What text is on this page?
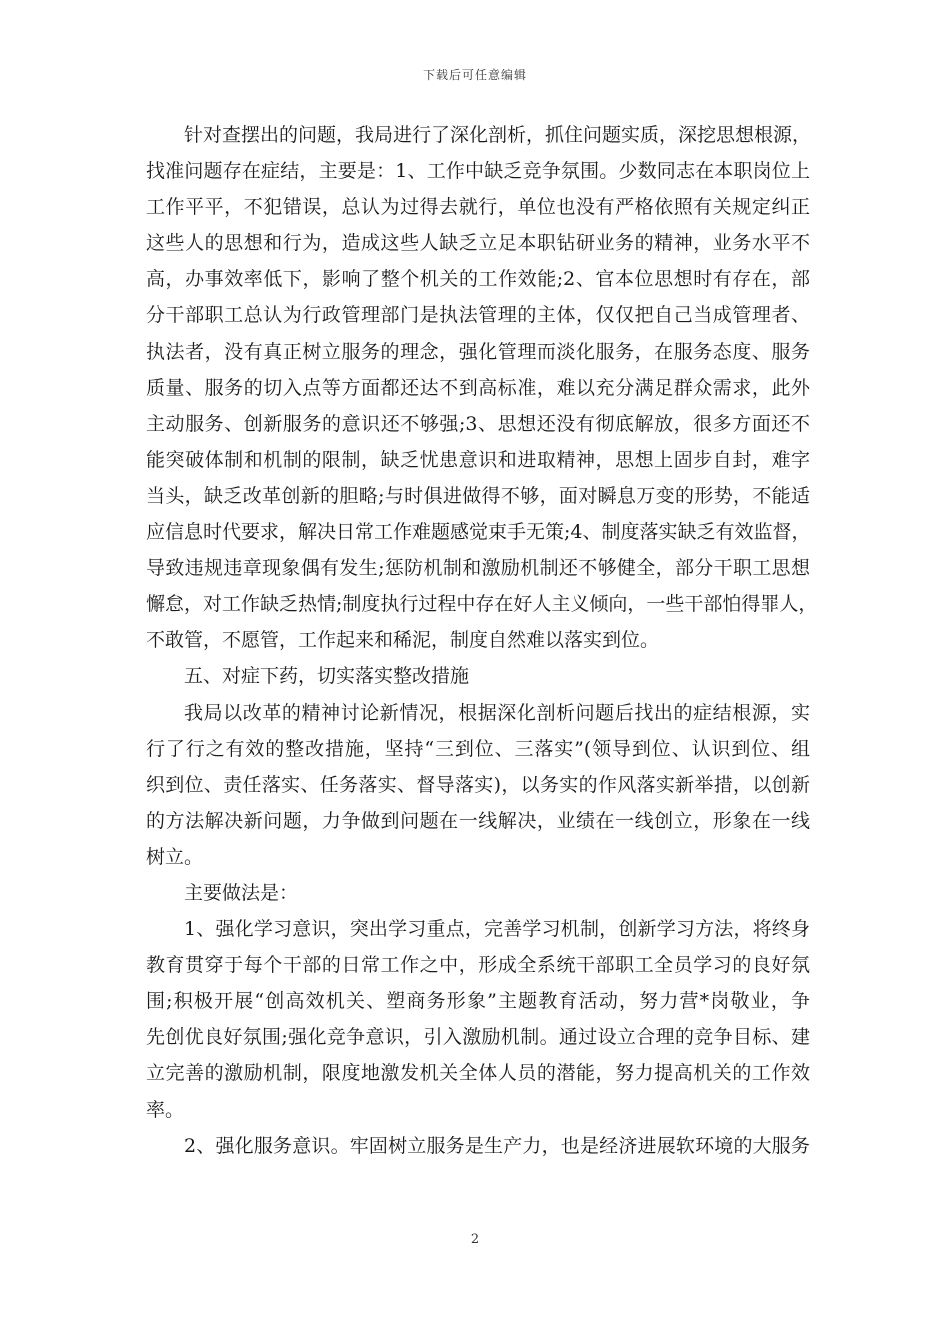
下载后可任意编辑
针对查摆出的问题，我局进行了深化剖析，抓住问题实质，深挖思想根源，
找准问题存在症结，主要是：1、工作中缺乏竞争氛围。少数同志在本职岗位上
工作平平，不犯错误，总认为过得去就行，单位也没有严格依照有关规定纠正
这些人的思想和行为，造成这些人缺乏立足本职钻研业务的精神，业务水平不
高，办事效率低下，影响了整个机关的工作效能;2、官本位思想时有存在，部
分干部职工总认为行政管理部门是执法管理的主体，仅仅把自己当成管理者、
执法者，没有真正树立服务的理念，强化管理而淡化服务，在服务态度、服务
质量、服务的切入点等方面都还达不到高标准，难以充分满足群众需求，此外
主动服务、创新服务的意识还不够强;3、思想还没有彻底解放，很多方面还不
能突破体制和机制的限制，缺乏忧患意识和进取精神，思想上固步自封，难字
当头，缺乏改革创新的胆略;与时俱进做得不够，面对瞬息万变的形势，不能适
应信息时代要求，解决日常工作难题感觉束手无策;4、制度落实缺乏有效监督，
导致违规违章现象偶有发生;惩防机制和激励机制还不够健全，部分干职工思想
懈怠，对工作缺乏热情;制度执行过程中存在好人主义倾向，一些干部怕得罪人，
不敢管，不愿管，工作起来和稀泥，制度自然难以落实到位。
五、对症下药，切实落实整改措施
我局以改革的精神讨论新情况，根据深化剖析问题后找出的症结根源，实
行了行之有效的整改措施，坚持“三到位、三落实”(领导到位、认识到位、组
织到位、责任落实、任务落实、督导落实)，以务实的作风落实新举措，以创新
的方法解决新问题，力争做到问题在一线解决，业绩在一线创立，形象在一线
树立。
主要做法是：
1、强化学习意识，突出学习重点，完善学习机制，创新学习方法，将终身
教育贯穿于每个干部的日常工作之中，形成全系统干部职工全员学习的良好氛
围;积极开展“创高效机关、塑商务形象”主题教育活动，努力营*岗敬业，争
先创优良好氛围;强化竞争意识，引入激励机制。通过设立合理的竞争目标、建
立完善的激励机制，限度地激发机关全体人员的潜能，努力提高机关的工作效
率。
2、强化服务意识。牢固树立服务是生产力，也是经济进展软环境的大服务
2
